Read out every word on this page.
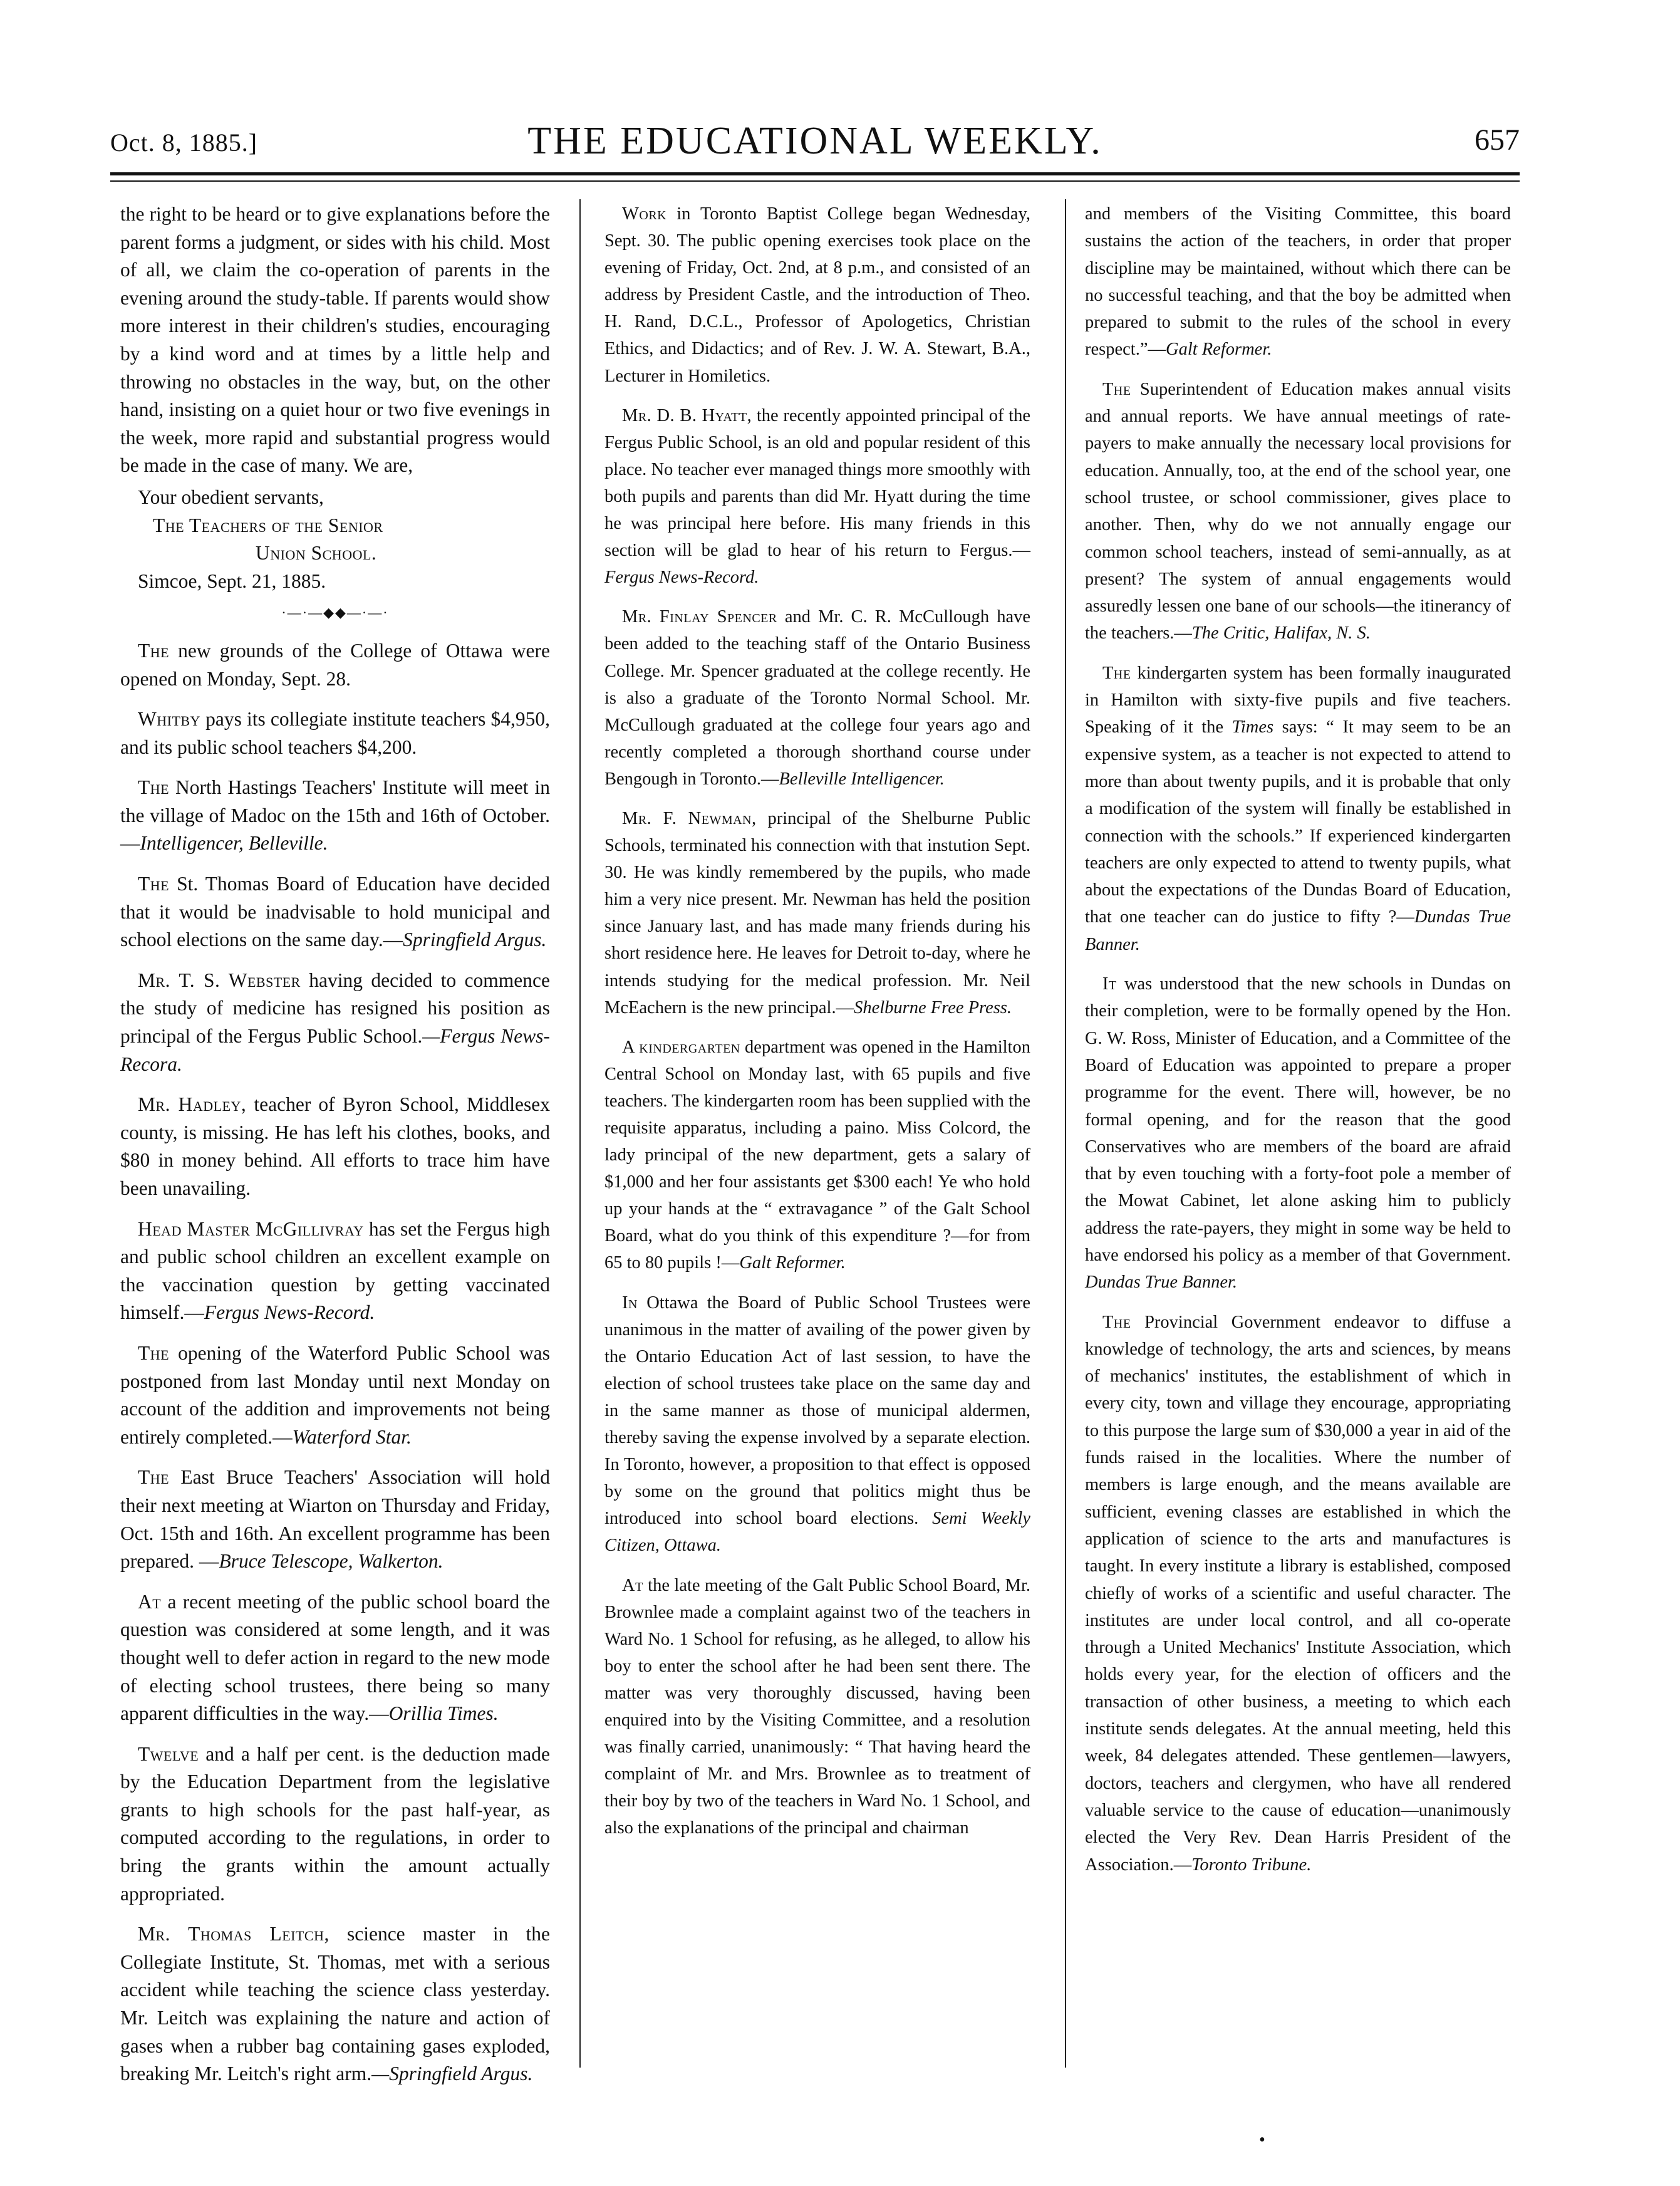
Oct. 8, 1885.]	THE EDUCATIONAL WEEKLY.	657

the right to be heard or to give explanations before the parent forms a judgment, or sides with his child. Most of all, we claim the co-operation of parents in the evening around the study-table. If parents would show more interest in their children's studies, encouraging by a kind word and at times by a little help and throwing no obstacles in the way, but, on the other hand, insisting on a quiet hour or two five evenings in the week, more rapid and substantial progress would be made in the case of many. We are,

Your obedient servants,

The Teachers of the Senior

Union School.

Simcoe, Sept. 21, 1885.

·—·—◆◆—·—·

The new grounds of the College of Ottawa were opened on Monday, Sept. 28.

Whitby pays its collegiate institute teachers $4,950, and its public school teachers $4,200.

The North Hastings Teachers' Institute will meet in the village of Madoc on the 15th and 16th of October.—Intelligencer, Belleville.

The St. Thomas Board of Education have decided that it would be inadvisable to hold municipal and school elections on the same day.—Springfield Argus.

Mr. T. S. Webster having decided to commence the study of medicine has resigned his position as principal of the Fergus Public School.—Fergus News-Recora.

Mr. Hadley, teacher of Byron School, Middlesex county, is missing. He has left his clothes, books, and $80 in money behind. All efforts to trace him have been unavailing.

Head Master McGillivray has set the Fergus high and public school children an excellent example on the vaccination question by getting vaccinated himself.—Fergus News-Record.

The opening of the Waterford Public School was postponed from last Monday until next Monday on account of the addition and improvements not being entirely completed.—Waterford Star.

The East Bruce Teachers' Association will hold their next meeting at Wiarton on Thursday and Friday, Oct. 15th and 16th. An excellent programme has been prepared. —Bruce Telescope, Walkerton.

At a recent meeting of the public school board the question was considered at some length, and it was thought well to defer action in regard to the new mode of electing school trustees, there being so many apparent difficulties in the way.—Orillia Times.

Twelve and a half per cent. is the deduction made by the Education Department from the legislative grants to high schools for the past half-year, as computed according to the regulations, in order to bring the grants within the amount actually appropriated.

Mr. Thomas Leitch, science master in the Collegiate Institute, St. Thomas, met with a serious accident while teaching the science class yesterday. Mr. Leitch was explaining the nature and action of gases when a rubber bag containing gases exploded, breaking Mr. Leitch's right arm.—Springfield Argus.

Work in Toronto Baptist College began Wednesday, Sept. 30. The public opening exercises took place on the evening of Friday, Oct. 2nd, at 8 p.m., and consisted of an address by President Castle, and the introduction of Theo. H. Rand, D.C.L., Professor of Apologetics, Christian Ethics, and Didactics; and of Rev. J. W. A. Stewart, B.A., Lecturer in Homiletics.

Mr. D. B. Hyatt, the recently appointed principal of the Fergus Public School, is an old and popular resident of this place. No teacher ever managed things more smoothly with both pupils and parents than did Mr. Hyatt during the time he was principal here before. His many friends in this section will be glad to hear of his return to Fergus.—Fergus News-Record.

Mr. Finlay Spencer and Mr. C. R. McCullough have been added to the teaching staff of the Ontario Business College. Mr. Spencer graduated at the college recently. He is also a graduate of the Toronto Normal School. Mr. McCullough graduated at the college four years ago and recently completed a thorough shorthand course under Bengough in Toronto.—Belleville Intelligencer.

Mr. F. Newman, principal of the Shelburne Public Schools, terminated his connection with that instution Sept. 30. He was kindly remembered by the pupils, who made him a very nice present. Mr. Newman has held the position since January last, and has made many friends during his short residence here. He leaves for Detroit to-day, where he intends studying for the medical profession. Mr. Neil McEachern is the new principal.—Shelburne Free Press.

A kindergarten department was opened in the Hamilton Central School on Monday last, with 65 pupils and five teachers. The kindergarten room has been supplied with the requisite apparatus, including a paino. Miss Colcord, the lady principal of the new department, gets a salary of $1,000 and her four assistants get $300 each! Ye who hold up your hands at the “ extravagance ” of the Galt School Board, what do you think of this expenditure ?—for from 65 to 80 pupils !—Galt Reformer.

In Ottawa the Board of Public School Trustees were unanimous in the matter of availing of the power given by the Ontario Education Act of last session, to have the election of school trustees take place on the same day and in the same manner as those of municipal aldermen, thereby saving the expense involved by a separate election. In Toronto, however, a proposition to that effect is opposed by some on the ground that politics might thus be introduced into school board elections. Semi Weekly Citizen, Ottawa.

At the late meeting of the Galt Public School Board, Mr. Brownlee made a complaint against two of the teachers in Ward No. 1 School for refusing, as he alleged, to allow his boy to enter the school after he had been sent there. The matter was very thoroughly discussed, having been enquired into by the Visiting Committee, and a resolution was finally carried, unanimously: “ That having heard the complaint of Mr. and Mrs. Brownlee as to treatment of their boy by two of the teachers in Ward No. 1 School, and also the explanations of the principal and chairman

and members of the Visiting Committee, this board sustains the action of the teachers, in order that proper discipline may be maintained, without which there can be no successful teaching, and that the boy be admitted when prepared to submit to the rules of the school in every respect.”—Galt Reformer.

The Superintendent of Education makes annual visits and annual reports. We have annual meetings of rate-payers to make annually the necessary local provisions for education. Annually, too, at the end of the school year, one school trustee, or school commissioner, gives place to another. Then, why do we not annually engage our common school teachers, instead of semi-annually, as at present? The system of annual engagements would assuredly lessen one bane of our schools—the itinerancy of the teachers.—The Critic, Halifax, N. S.

The kindergarten system has been formally inaugurated in Hamilton with sixty-five pupils and five teachers. Speaking of it the Times says: “ It may seem to be an expensive system, as a teacher is not expected to attend to more than about twenty pupils, and it is probable that only a modification of the system will finally be established in connection with the schools.” If experienced kindergarten teachers are only expected to attend to twenty pupils, what about the expectations of the Dundas Board of Education, that one teacher can do justice to fifty ?—Dundas True Banner.

It was understood that the new schools in Dundas on their completion, were to be formally opened by the Hon. G. W. Ross, Minister of Education, and a Committee of the Board of Education was appointed to prepare a proper programme for the event. There will, however, be no formal opening, and for the reason that the good Conservatives who are members of the board are afraid that by even touching with a forty-foot pole a member of the Mowat Cabinet, let alone asking him to publicly address the rate-payers, they might in some way be held to have endorsed his policy as a member of that Government. Dundas True Banner.

The Provincial Government endeavor to diffuse a knowledge of technology, the arts and sciences, by means of mechanics' institutes, the establishment of which in every city, town and village they encourage, appropriating to this purpose the large sum of $30,000 a year in aid of the funds raised in the localities. Where the number of members is large enough, and the means available are sufficient, evening classes are established in which the application of science to the arts and manufactures is taught. In every institute a library is established, composed chiefly of works of a scientific and useful character. The institutes are under local control, and all co-operate through a United Mechanics' Institute Association, which holds every year, for the election of officers and the transaction of other business, a meeting to which each institute sends delegates. At the annual meeting, held this week, 84 delegates attended. These gentlemen—lawyers, doctors, teachers and clergymen, who have all rendered valuable service to the cause of education—unanimously elected the Very Rev. Dean Harris President of the Association.—Toronto Tribune.

•
